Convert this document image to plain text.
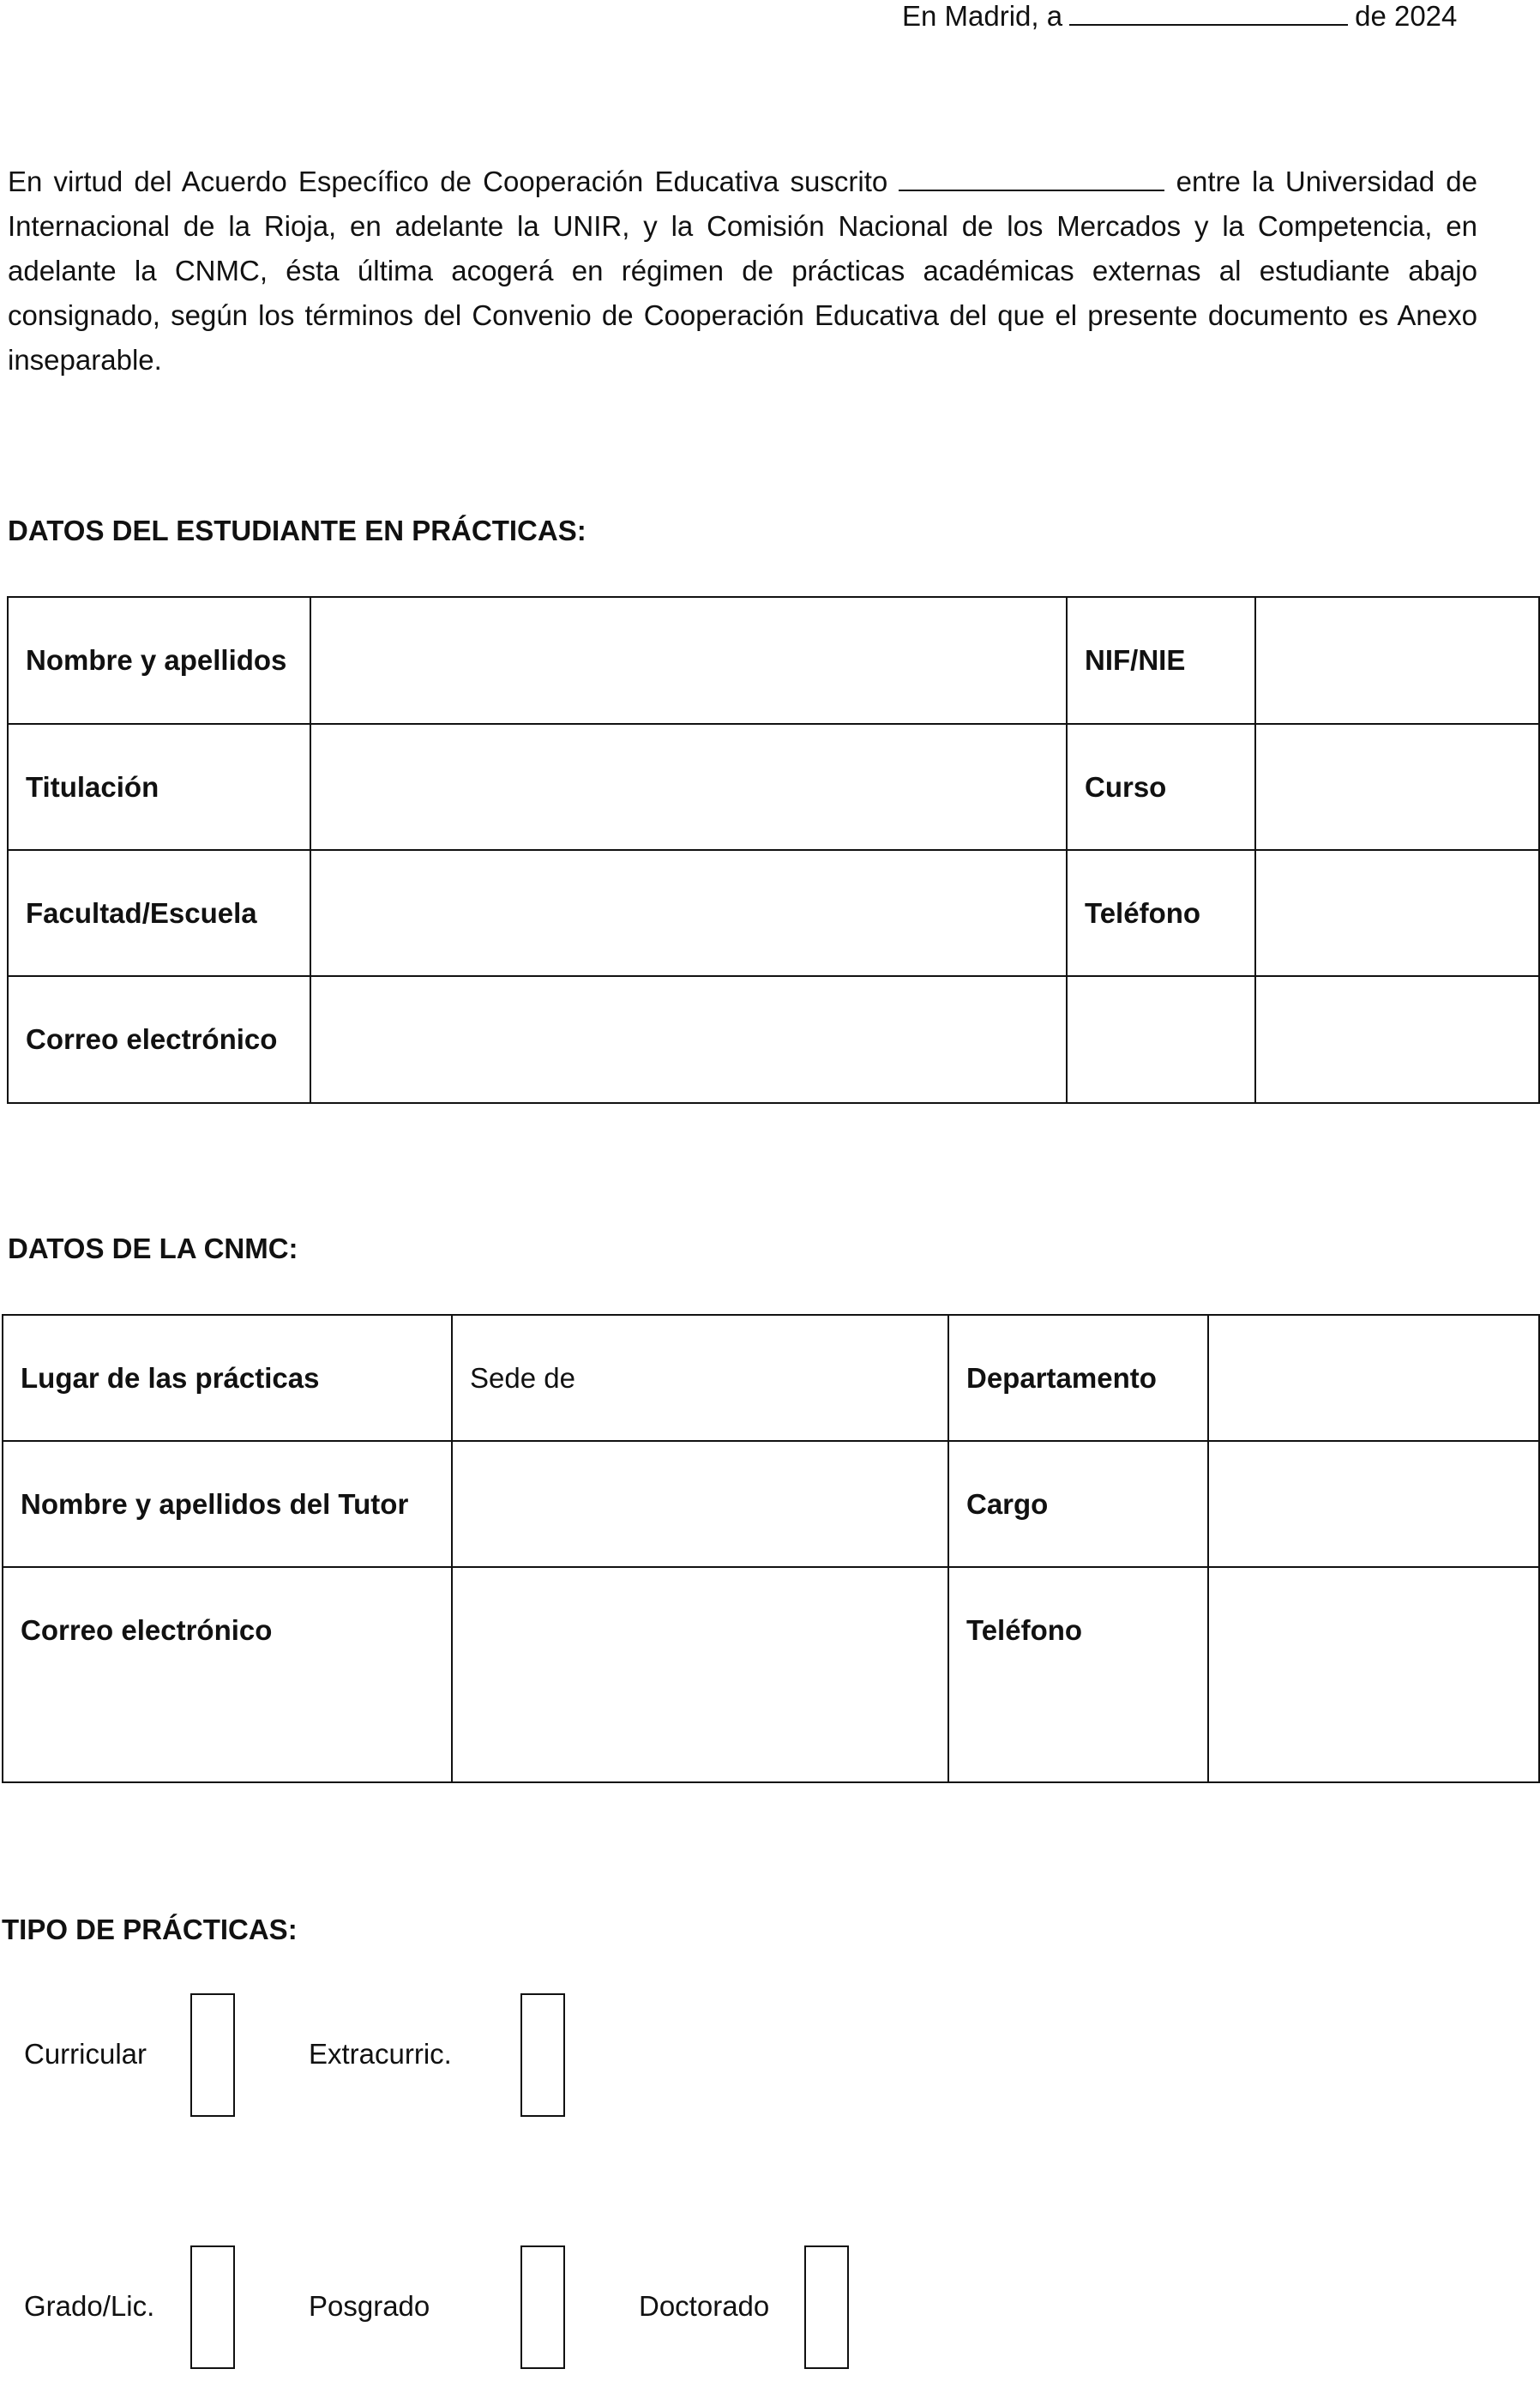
En Madrid, a	de 2024
En virtud del Acuerdo Específico de Cooperación Educativa suscrito	entre la Universidad de Internacional de la Rioja, en adelante la UNIR, y la Comisión Nacional de los Mercados y la Competencia, en adelante la CNMC, ésta última acogerá en régimen de prácticas académicas externas al estudiante abajo consignado, según los términos del Convenio de Cooperación Educativa del que el presente documento es Anexo inseparable.
DATOS DEL ESTUDIANTE EN PRÁCTICAS:
Nombre y apellidos		NIF/NIE	
Titulación		Curso	
Facultad/Escuela		Teléfono	
Correo electrónico			
DATOS DE LA CNMC:
Lugar de las prácticas	Sede de	Departamento	
Nombre y apellidos del Tutor		Cargo	
Correo electrónico		Teléfono	
TIPO DE PRÁCTICAS:
Curricular	Extracurric.
Grado/Lic.	Posgrado	Doctorado
